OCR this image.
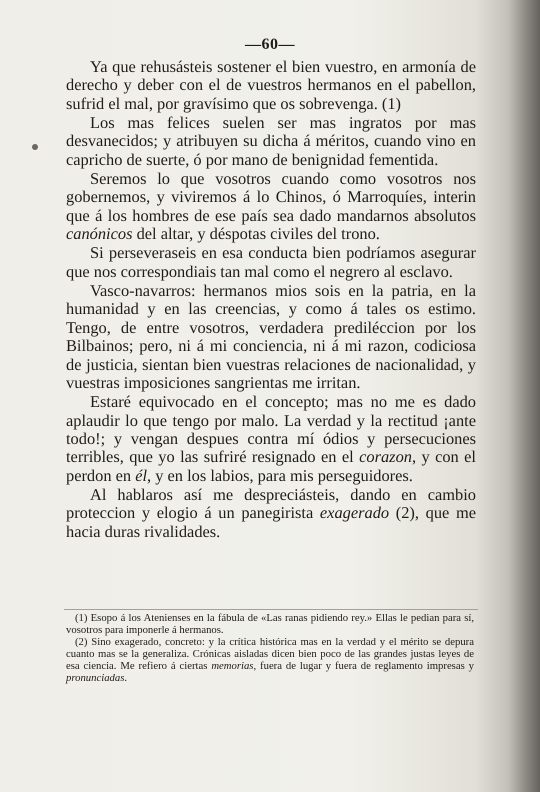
—60—

Ya que rehusásteis sostener el bien vuestro, en armonía de derecho y deber con el de vuestros hermanos en el pabellon, sufrid el mal, por gravísimo que os sobrevenga. (1)

Los mas felices suelen ser mas ingratos por mas desvanecidos; y atribuyen su dicha á méritos, cuando vino en capricho de suerte, ó por mano de benignidad fementida.

Seremos lo que vosotros cuando como vosotros nos gobernemos, y viviremos á lo Chinos, ó Marroquíes, interin que á los hombres de ese país sea dado mandarnos absolutos canónicos del altar, y déspotas civiles del trono.

Si perseveraseis en esa conducta bien podríamos asegurar que nos correspondiais tan mal como el negrero al esclavo.

Vasco-navarros: hermanos mios sois en la patria, en la humanidad y en las creencias, y como á tales os estimo. Tengo, de entre vosotros, verdadera prediléccion por los Bilbainos; pero, ni á mi conciencia, ni á mi razon, codiciosa de justicia, sientan bien vuestras relaciones de nacionalidad, y vuestras imposiciones sangrientas me irritan.

Estaré equivocado en el concepto; mas no me es dado aplaudir lo que tengo por malo. La verdad y la rectitud ¡ante todo!; y vengan despues contra mí ódios y persecuciones terribles, que yo las sufriré resignado en el corazon, y con el perdon en él, y en los labios, para mis perseguidores.

Al hablaros así me despreciásteis, dando en cambio proteccion y elogio á un panegirista exagerado (2), que me hacia duras rivalidades.

(1) Esopo á los Atenienses en la fábula de «Las ranas pidiendo rey.» Ellas le pedian para sí, vosotros para imponerle á hermanos.

(2) Sino exagerado, concreto: y la crítica histórica mas en la verdad y el mérito se depura cuanto mas se la generaliza. Crónicas aisladas dicen bien poco de las grandes justas leyes de esa ciencia. Me refiero á ciertas memorias, fuera de lugar y fuera de reglamento impresas y pronunciadas.
